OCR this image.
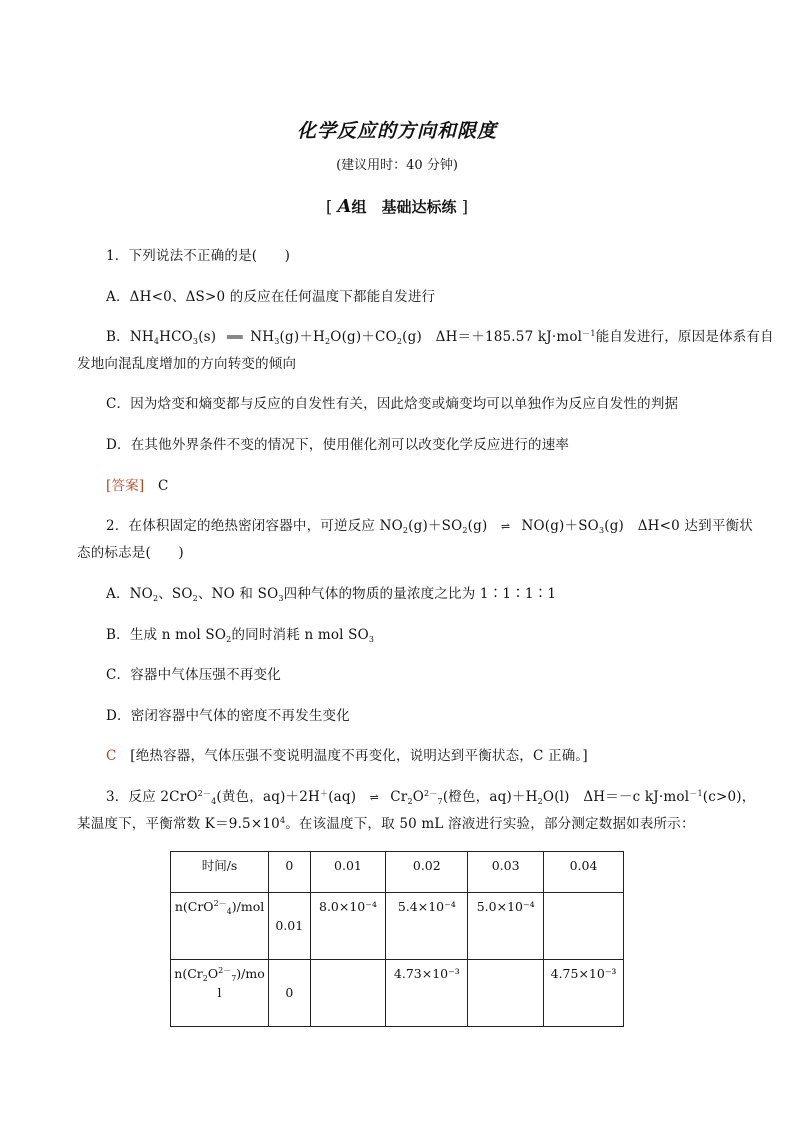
化学反应的方向和限度
(建议用时：40 分钟)
[ A组　基础达标练 ]
1．下列说法不正确的是(　　)
A．ΔH<0、ΔS>0 的反应在任何温度下都能自发进行
B．$NH_4HCO_3(s)$ ═══ $NH_3(g)+H_2O(g)+CO_2(g)$　ΔH＝＋185.57 kJ·mol$^{-1}$能自发进行，原因是体系有自
发地向混乱度增加的方向转变的倾向
C．因为焓变和熵变都与反应的自发性有关，因此焓变或熵变均可以单独作为反应自发性的判据
D．在其他外界条件不变的情况下，使用催化剂可以改变化学反应进行的速率
[答案]　 C
2．在体积固定的绝热密闭容器中，可逆反应 $NO_2(g)+SO_2(g)$ ⇌ $NO(g)+SO_3(g)$　ΔH<0 达到平衡状
态的标志是(　　)
A．$NO_2$、$SO_2$、NO 和 $SO_3$四种气体的物质的量浓度之比为 1∶1∶1∶1
B．生成 n mol $SO_2$的同时消耗 n mol $SO_3$
C．容器中气体压强不再变化
D．密闭容器中气体的密度不再发生变化
C　 [绝热容器，气体压强不变说明温度不再变化，说明达到平衡状态，C 正确。]
3．反应 2CrO$^{2-}_4$(黄色，aq)＋2H＋(aq) ⇌ $Cr_2O^{2-}_7$(橙色，$aq)+H_2O(l)$　ΔH＝－c kJ·mol$^{-1}$(c>0)，
某温度下，平衡常数 $K=9.5\times 10^4$。在该温度下，取 50 mL 溶液进行实验，部分测定数据如表所示：
时间/s	0	0.01	0.02	0.03	0.04
n(CrO$^{2-}_4$)/mol	0.01	8.0×10⁻⁴	5.4×10⁻⁴	5.0×10⁻⁴	
$n(Cr_2O^{2-}_7)$/mol	0		4.73×10⁻³		4.75×10⁻³
